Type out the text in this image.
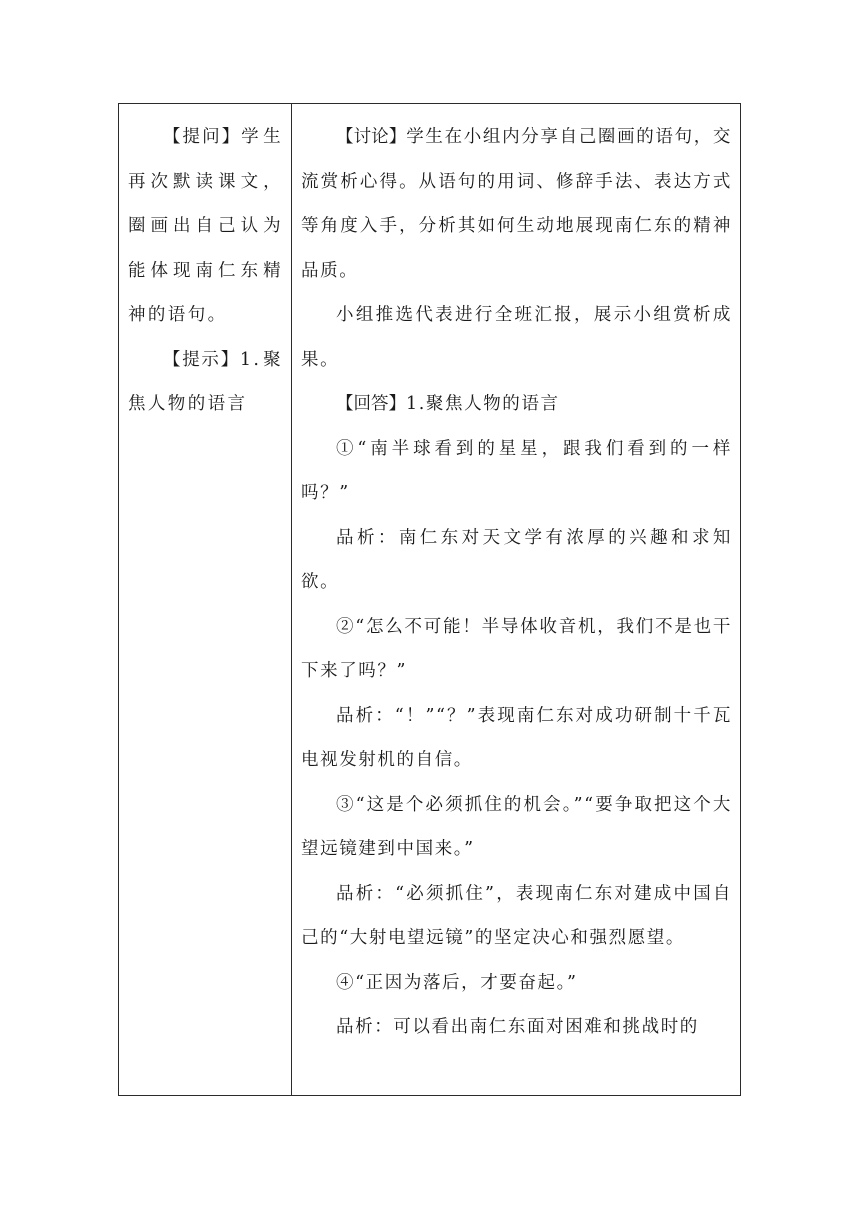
【提问】学生再次默读课文，圈画出自己认为能体现南仁东精神的语句。

【提示】1.聚焦人物的语言

【讨论】学生在小组内分享自己圈画的语句，交流赏析心得。从语句的用词、修辞手法、表达方式等角度入手，分析其如何生动地展现南仁东的精神品质。

小组推选代表进行全班汇报，展示小组赏析成果。

【回答】1.聚焦人物的语言

①“南半球看到的星星，跟我们看到的一样吗？”

品析：南仁东对天文学有浓厚的兴趣和求知欲。

②“怎么不可能！半导体收音机，我们不是也干下来了吗？”

品析：“！”“？”表现南仁东对成功研制十千瓦电视发射机的自信。

③“这是个必须抓住的机会。”“要争取把这个大望远镜建到中国来。”

品析：“必须抓住”，表现南仁东对建成中国自己的“大射电望远镜”的坚定决心和强烈愿望。

④“正因为落后，才要奋起。”

品析：可以看出南仁东面对困难和挑战时的
